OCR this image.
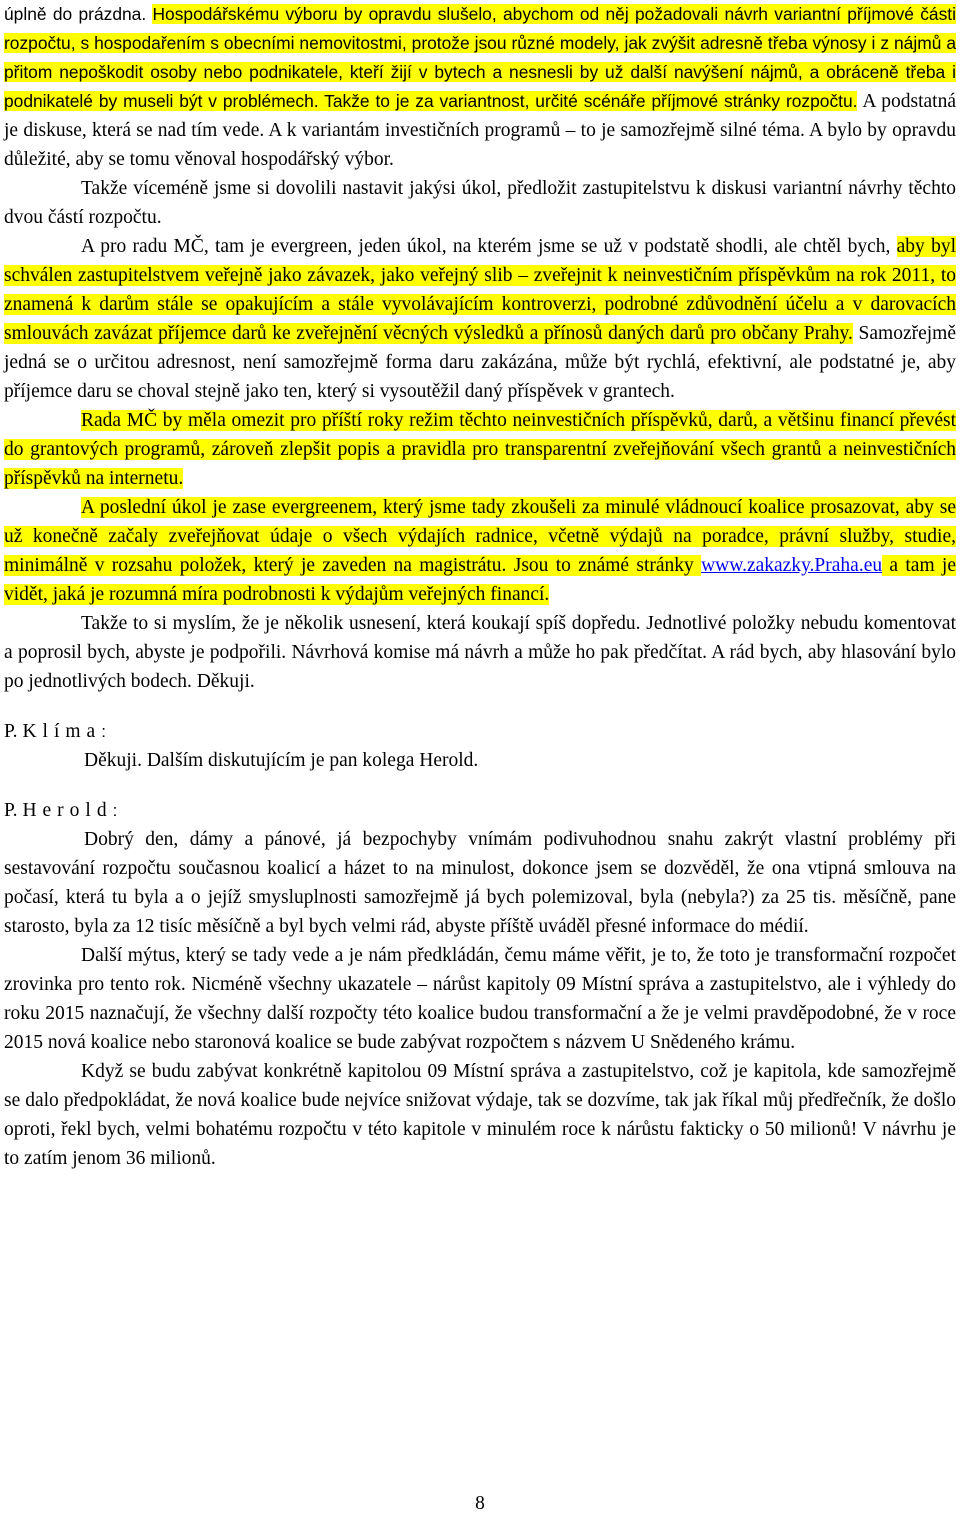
úplně do prázdna. Hospodářskému výboru by opravdu slušelo, abychom od něj požadovali návrh variantní příjmové části rozpočtu, s hospodařením s obecními nemovitostmi, protože jsou různé modely, jak zvýšit adresně třeba výnosy i z nájmů a přitom nepoškodit osoby nebo podnikatele, kteří žijí v bytech a nesnesli by už další navýšení nájmů, a obráceně třeba i podnikatelé by museli být v problémech. Takže to je za variantnost, určité scénáře příjmové stránky rozpočtu. A podstatná je diskuse, která se nad tím vede. A k variantám investičních programů – to je samozřejmě silné téma. A bylo by opravdu důležité, aby se tomu věnoval hospodářský výbor.

Takže víceméně jsme si dovolili nastavit jakýsi úkol, předložit zastupitelstvu k diskusi variantní návrhy těchto dvou částí rozpočtu.

A pro radu MČ, tam je evergreen, jeden úkol, na kterém jsme se už v podstatě shodli, ale chtěl bych, aby byl schválen zastupitelstvem veřejně jako závazek, jako veřejný slib – zveřejnit k neinvestičním příspěvkům na rok 2011, to znamená k darům stále se opakujícím a stále vyvolávajícím kontroverzi, podrobné zdůvodnění účelu a v darovacích smlouvách zavázat příjemce darů ke zveřejnění věcných výsledků a přínosů daných darů pro občany Prahy. Samozřejmě jedná se o určitou adresnost, není samozřejmě forma daru zakázána, může být rychlá, efektivní, ale podstatné je, aby příjemce daru se choval stejně jako ten, který si vysoutěžil daný příspěvek v grantech.

Rada MČ by měla omezit pro příští roky režim těchto neinvestičních příspěvků, darů, a většinu financí převést do grantových programů, zároveň zlepšit popis a pravidla pro transparentní zveřejňování všech grantů a neinvestičních příspěvků na internetu.

A poslední úkol je zase evergreenem, který jsme tady zkoušeli za minulé vládnoucí koalice prosazovat, aby se už konečně začaly zveřejňovat údaje o všech výdajích radnice, včetně výdajů na poradce, právní služby, studie, minimálně v rozsahu položek, který je zaveden na magistrátu. Jsou to známé stránky www.zakazky.Praha.eu a tam je vidět, jaká je rozumná míra podrobnosti k výdajům veřejných financí.

Takže to si myslím, že je několik usnesení, která koukají spíš dopředu. Jednotlivé položky nebudu komentovat a poprosil bych, abyste je podpořili. Návrhová komise má návrh a může ho pak předčítat. A rád bych, aby hlasování bylo po jednotlivých bodech. Děkuji.

P. Klíma:

Děkuji. Dalším diskutujícím je pan kolega Herold.

P. Herold:

Dobrý den, dámy a pánové, já bezpochyby vnímám podivuhodnou snahu zakrýt vlastní problémy při sestavování rozpočtu současnou koalicí a házet to na minulost, dokonce jsem se dozvěděl, že ona vtipná smlouva na počasí, která tu byla a o jejíž smysluplnosti samozřejmě já bych polemizoval, byla (nebyla?) za 25 tis. měsíčně, pane starosto, byla za 12 tisíc měsíčně a byl bych velmi rád, abyste příště uváděl přesné informace do médií.

Další mýtus, který se tady vede a je nám předkládán, čemu máme věřit, je to, že toto je transformační rozpočet zrovinka pro tento rok. Nicméně všechny ukazatele – nárůst kapitoly 09 Místní správa a zastupitelstvo, ale i výhledy do roku 2015 naznačují, že všechny další rozpočty této koalice budou transformační a že je velmi pravděpodobné, že v roce 2015 nová koalice nebo staronová koalice se bude zabývat rozpočtem s názvem U Snědeného krámu.

Když se budu zabývat konkrétně kapitolou 09 Místní správa a zastupitelstvo, což je kapitola, kde samozřejmě se dalo předpokládat, že nová koalice bude nejvíce snižovat výdaje, tak se dozvíme, tak jak říkal můj předřečník, že došlo oproti, řekl bych, velmi bohatému rozpočtu v této kapitole v minulém roce k nárůstu fakticky o 50 milionů! V návrhu je to zatím jenom 36 milionů.

8
